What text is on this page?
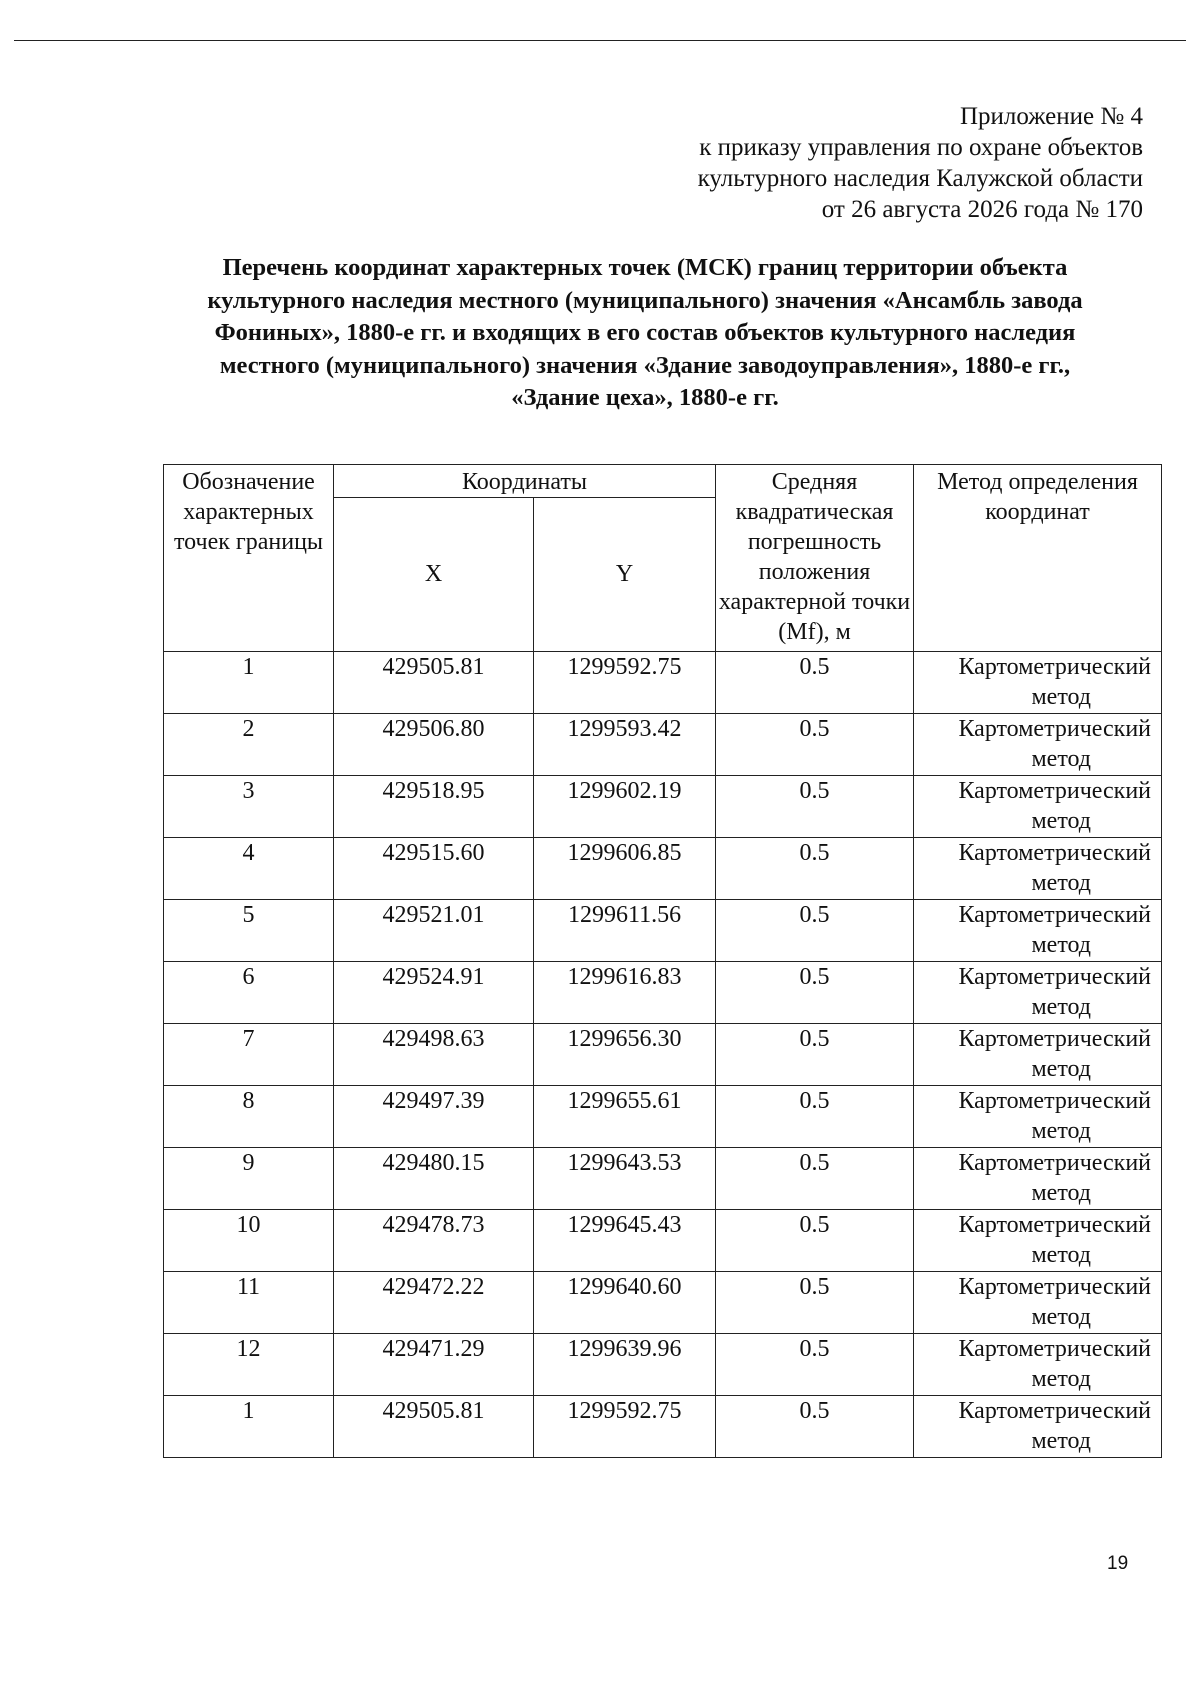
Приложение № 4
к приказу управления по охране объектов
культурного наследия Калужской области
от 26 августа 2026 года № 170
Перечень координат характерных точек (МСК) границ территории объекта
культурного наследия местного (муниципального) значения «Ансамбль завода
Фониных», 1880-е гг. и входящих в его состав объектов культурного наследия
местного (муниципального) значения «Здание заводоуправления», 1880-е гг.,
«Здание цеха», 1880-е гг.
Обозначение характерных точек границы	Координаты		Средняя квадратическая погрешность положения характерной точки (Mf), м	Метод определения координат
	X	Y		
1	429505.81	1299592.75	0.5	Картометрический
метод

2	429506.80	1299593.42	0.5	Картометрический
метод

3	429518.95	1299602.19	0.5	Картометрический
метод

4	429515.60	1299606.85	0.5	Картометрический
метод

5	429521.01	1299611.56	0.5	Картометрический
метод

6	429524.91	1299616.83	0.5	Картометрический
метод

7	429498.63	1299656.30	0.5	Картометрический
метод

8	429497.39	1299655.61	0.5	Картометрический
метод

9	429480.15	1299643.53	0.5	Картометрический
метод

10	429478.73	1299645.43	0.5	Картометрический
метод

11	429472.22	1299640.60	0.5	Картометрический
метод

12	429471.29	1299639.96	0.5	Картометрический
метод

1	429505.81	1299592.75	0.5	Картометрический
метод
19
